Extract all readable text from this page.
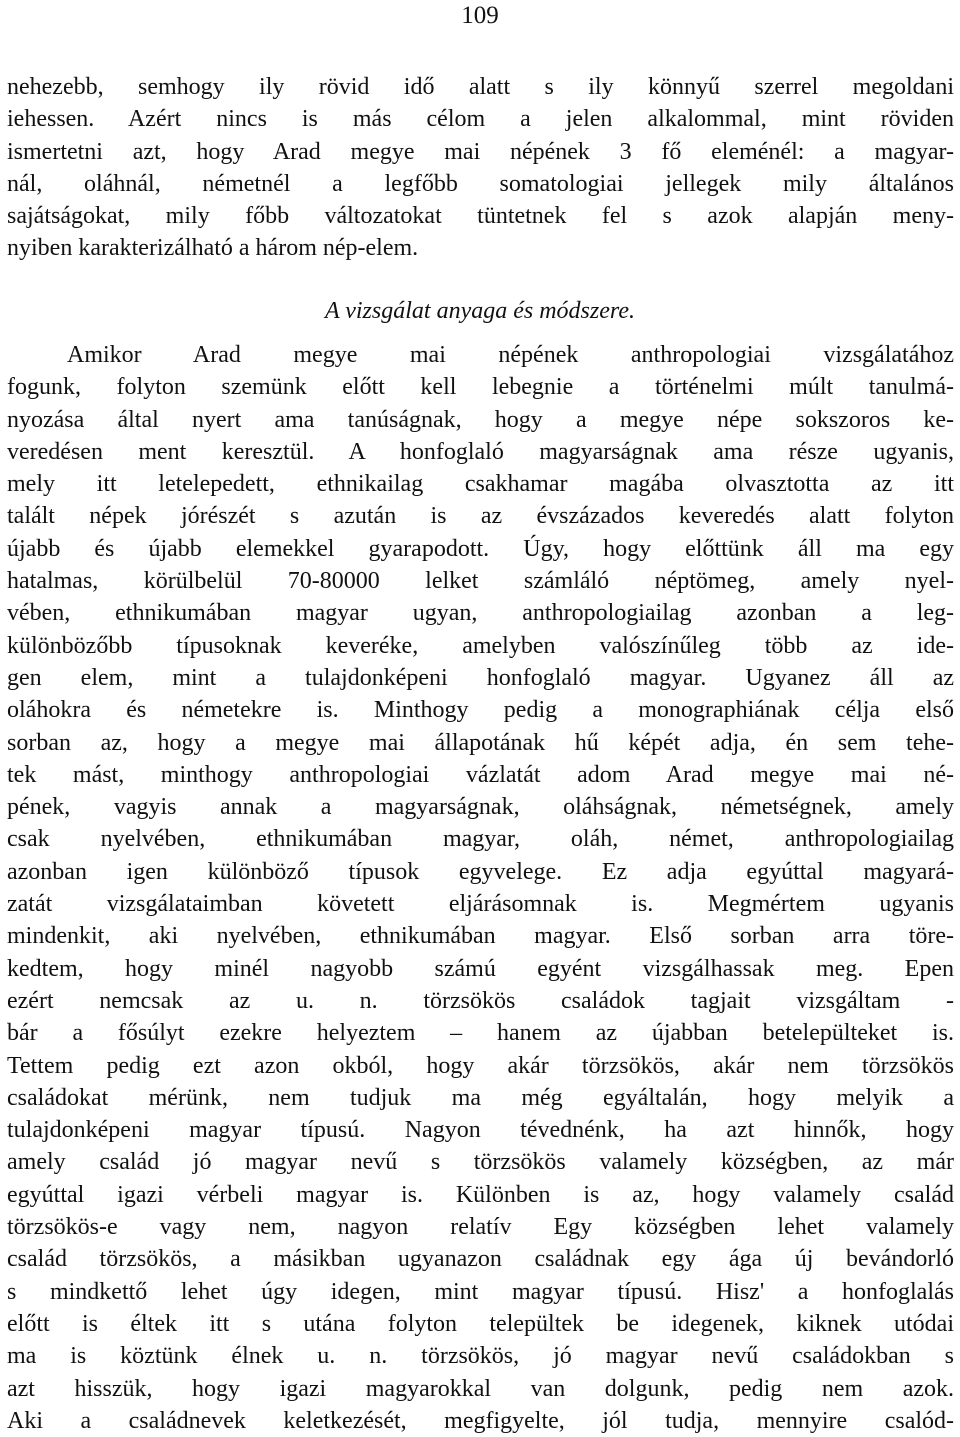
109
nehezebb, semhogy ily rövid idő alatt s ily könnyű szerrel megoldani
iehessen. Azért nincs is más célom a jelen alkalommal, mint röviden
ismertetni azt, hogy Arad megye mai népének 3 fő eleménél: a magyar-
nál, oláhnál, németnél a legfőbb somatologiai jellegek mily általános
sajátságokat, mily főbb változatokat tüntetnek fel s azok alapján meny-
nyiben karakterizálható a három nép-elem.
A vizsgálat anyaga és módszere.
Amikor Arad megye mai népének anthropologiai vizsgálatához
fogunk, folyton szemünk előtt kell lebegnie a történelmi múlt tanulmá-
nyozása által nyert ama tanúságnak, hogy a megye népe sokszoros ke-
veredésen ment keresztül. A honfoglaló magyarságnak ama része ugyanis,
mely itt letelepedett, ethnikailag csakhamar magába olvasztotta az itt
talált népek jórészét s azután is az évszázados keveredés alatt folyton
újabb és újabb elemekkel gyarapodott. Úgy, hogy előttünk áll ma egy
hatalmas, körülbelül 70-80000 lelket számláló néptömeg, amely nyel-
vében, ethnikumában magyar ugyan, anthropologiailag azonban a leg-
különbözőbb típusoknak keveréke, amelyben valószínűleg több az ide-
gen elem, mint a tulajdonképeni honfoglaló magyar. Ugyanez áll az
oláhokra és németekre is. Minthogy pedig a monographiának célja első
sorban az, hogy a megye mai állapotának hű képét adja, én sem tehe-
tek mást, minthogy anthropologiai vázlatát adom Arad megye mai né-
pének, vagyis annak a magyarságnak, oláhságnak, németségnek, amely
csak nyelvében, ethnikumában magyar, oláh, német, anthropologiailag
azonban igen különböző típusok egyvelege. Ez adja egyúttal magyará-
zatát vizsgálataimban követett eljárásomnak is. Megmértem ugyanis
mindenkit, aki nyelvében, ethnikumában magyar. Első sorban arra töre-
kedtem, hogy minél nagyobb számú egyént vizsgálhassak meg. Epen
ezért nemcsak az u. n. törzsökös családok tagjait vizsgáltam -
bár a fősúlyt ezekre helyeztem – hanem az újabban betelepülteket is.
Tettem pedig ezt azon okból, hogy akár törzsökös, akár nem törzsökös
családokat mérünk, nem tudjuk ma még egyáltalán, hogy melyik a
tulajdonképeni magyar típusú. Nagyon tévednénk, ha azt hinnők, hogy
amely család jó magyar nevű s törzsökös valamely községben, az már
egyúttal igazi vérbeli magyar is. Különben is az, hogy valamely család
törzsökös-e vagy nem, nagyon relatív Egy községben lehet valamely
család törzsökös, a másikban ugyanazon családnak egy ága új bevándorló
s mindkettő lehet úgy idegen, mint magyar típusú. Hisz' a honfoglalás
előtt is éltek itt s utána folyton települtek be idegenek, kiknek utódai
ma is köztünk élnek u. n. törzsökös, jó magyar nevű családokban s
azt hisszük, hogy igazi magyarokkal van dolgunk, pedig nem azok.
Aki a családnevek keletkezését, megfigyelte, jól tudja, mennyire csalód-
